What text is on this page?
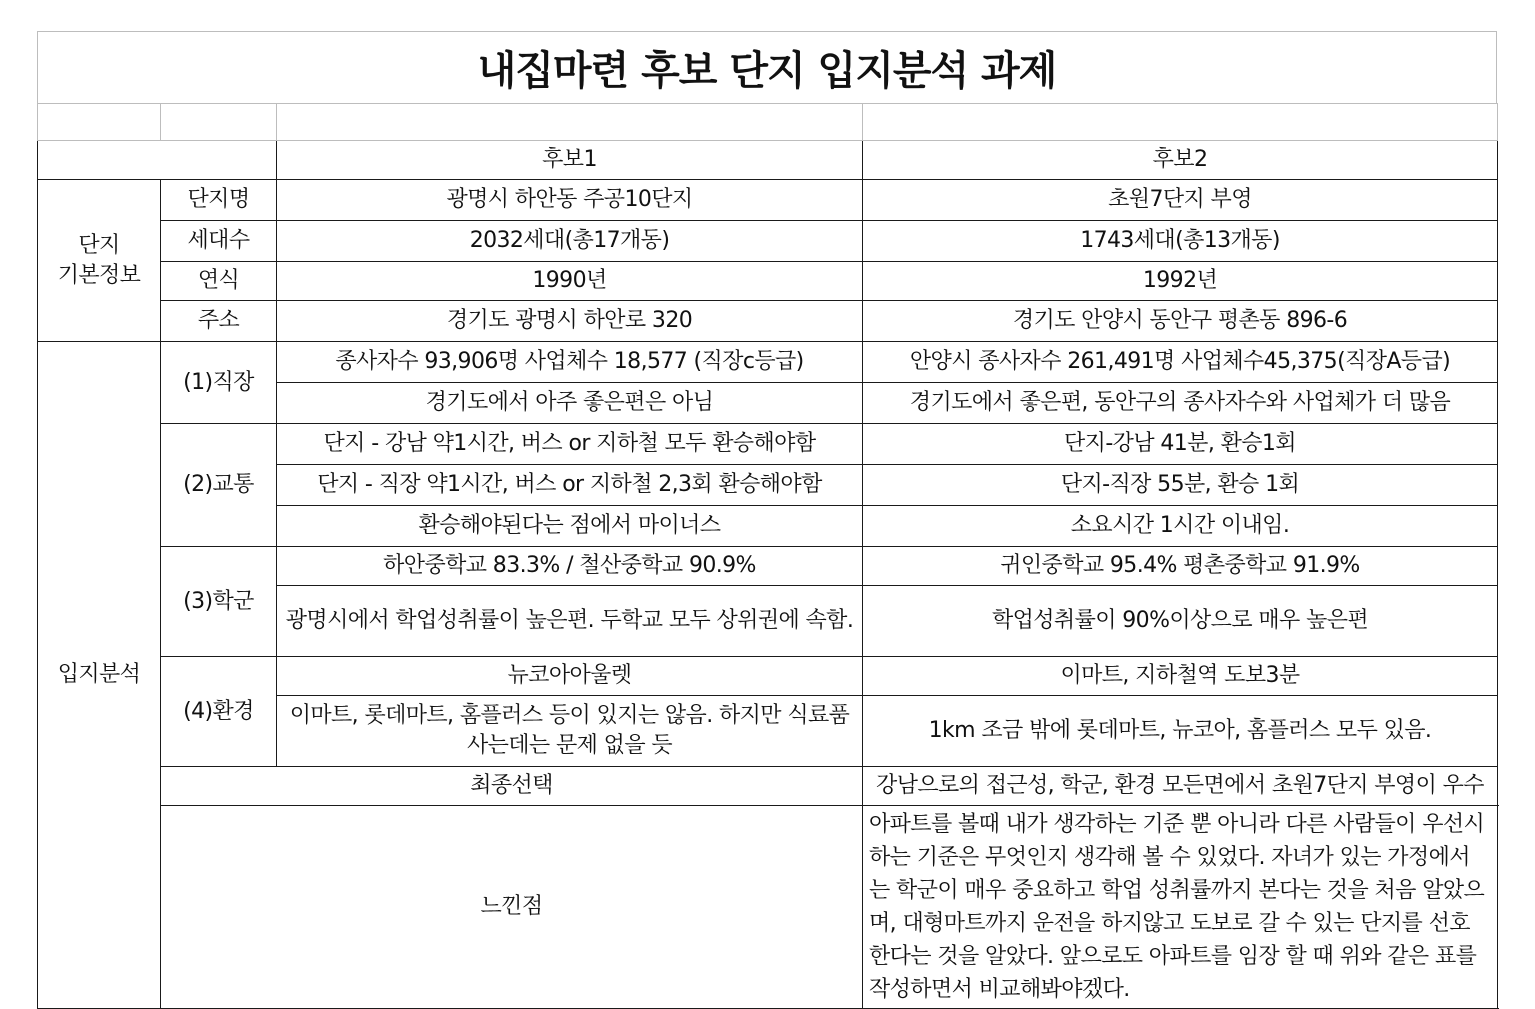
내집마련 후보 단지 입지분석 과제

		후보1	후보2
단지
기본정보	단지명	광명시 하안동 주공10단지	초원7단지 부영
	세대수	2032세대(총17개동)	1743세대(총13개동)
	연식	1990년	1992년
	주소	경기도 광명시 하안로 320	경기도 안양시 동안구 평촌동 896-6
입지분석	(1)직장	종사자수 93,906명 사업체수 18,577 (직장c등급)	안양시 종사자수 261,491명 사업체수45,375(직장A등급)
		경기도에서 아주 좋은편은 아님	경기도에서 좋은편, 동안구의 종사자수와 사업체가 더 많음
	(2)교통	단지 - 강남 약1시간, 버스 or 지하철 모두 환승해야함	단지-강남 41분, 환승1회
		단지 - 직장 약1시간, 버스 or 지하철 2,3회 환승해야함	단지-직장 55분, 환승 1회
		환승해야된다는 점에서 마이너스	소요시간 1시간 이내임.
	(3)학군	하안중학교 83.3% / 철산중학교 90.9%	귀인중학교 95.4% 평촌중학교 91.9%
		광명시에서 학업성취률이 높은편. 두학교 모두 상위권에 속함.	학업성취률이 90%이상으로 매우 높은편
	(4)환경	뉴코아아울렛	이마트, 지하철역 도보3분
		이마트, 롯데마트, 홈플러스 등이 있지는 않음. 하지만 식료품 사는데는 문제 없을 듯	1km 조금 밖에 롯데마트, 뉴코아, 홈플러스 모두 있음.
	최종선택		강남으로의 접근성, 학군, 환경 모든면에서 초원7단지 부영이 우수
	느낀점		아파트를 볼때 내가 생각하는 기준 뿐 아니라 다른 사람들이 우선시하는 기준은 무엇인지 생각해 볼 수 있었다. 자녀가 있는 가정에서는 학군이 매우 중요하고 학업 성취률까지 본다는 것을 처음 알았으며, 대형마트까지 운전을 하지않고 도보로 갈 수 있는 단지를 선호한다는 것을 알았다. 앞으로도 아파트를 임장 할 때 위와 같은 표를 작성하면서 비교해봐야겠다.
